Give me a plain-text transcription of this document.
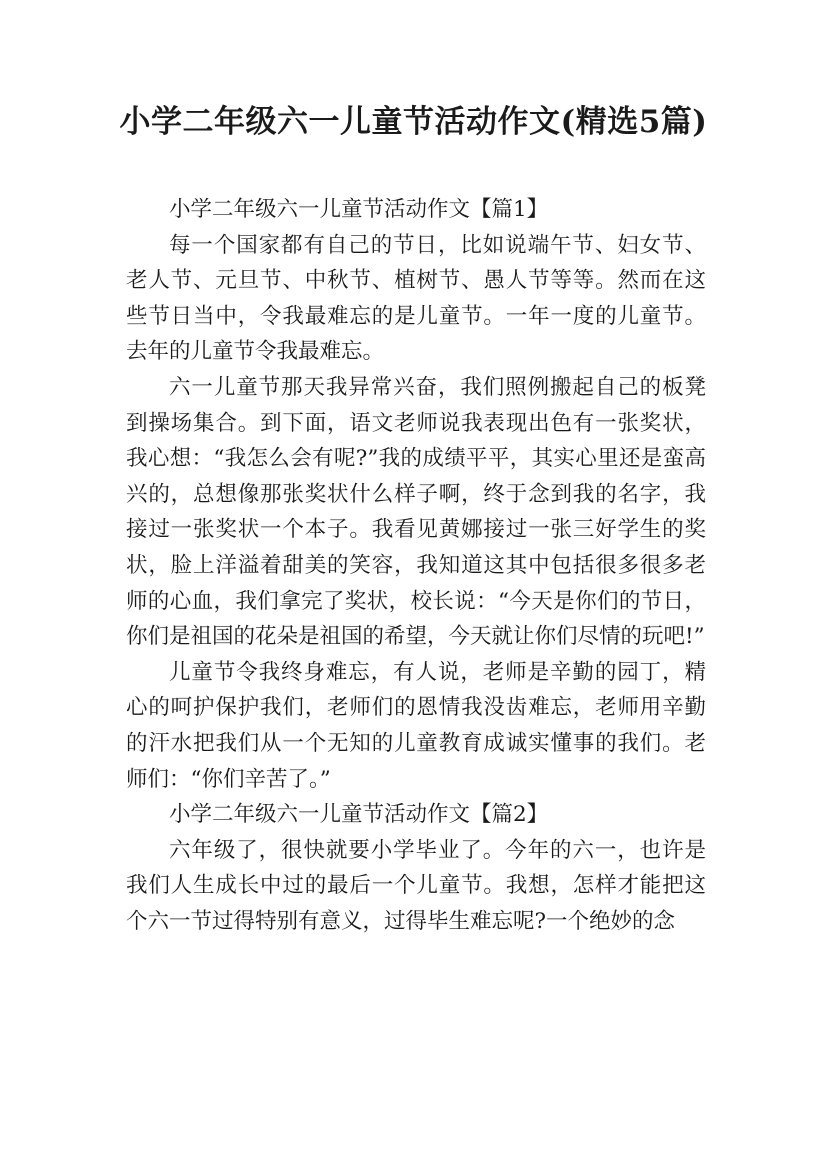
小学二年级六一儿童节活动作文(精选5篇)

小学二年级六一儿童节活动作文【篇1】

每一个国家都有自己的节日，比如说端午节、妇女节、老人节、元旦节、中秋节、植树节、愚人节等等。然而在这些节日当中，令我最难忘的是儿童节。一年一度的儿童节。去年的儿童节令我最难忘。

六一儿童节那天我异常兴奋，我们照例搬起自己的板凳到操场集合。到下面，语文老师说我表现出色有一张奖状，我心想：“我怎么会有呢?”我的成绩平平，其实心里还是蛮高兴的，总想像那张奖状什么样子啊，终于念到我的名字，我接过一张奖状一个本子。我看见黄娜接过一张三好学生的奖状，脸上洋溢着甜美的笑容，我知道这其中包括很多很多老师的心血，我们拿完了奖状，校长说：“今天是你们的节日，你们是祖国的花朵是祖国的希望，今天就让你们尽情的玩吧!”

儿童节令我终身难忘，有人说，老师是辛勤的园丁，精心的呵护保护我们，老师们的恩情我没齿难忘，老师用辛勤的汗水把我们从一个无知的儿童教育成诚实懂事的我们。老师们：“你们辛苦了。”

小学二年级六一儿童节活动作文【篇2】

六年级了，很快就要小学毕业了。今年的六一，也许是我们人生成长中过的最后一个儿童节。我想，怎样才能把这个六一节过得特别有意义，过得毕生难忘呢?一个绝妙的念
